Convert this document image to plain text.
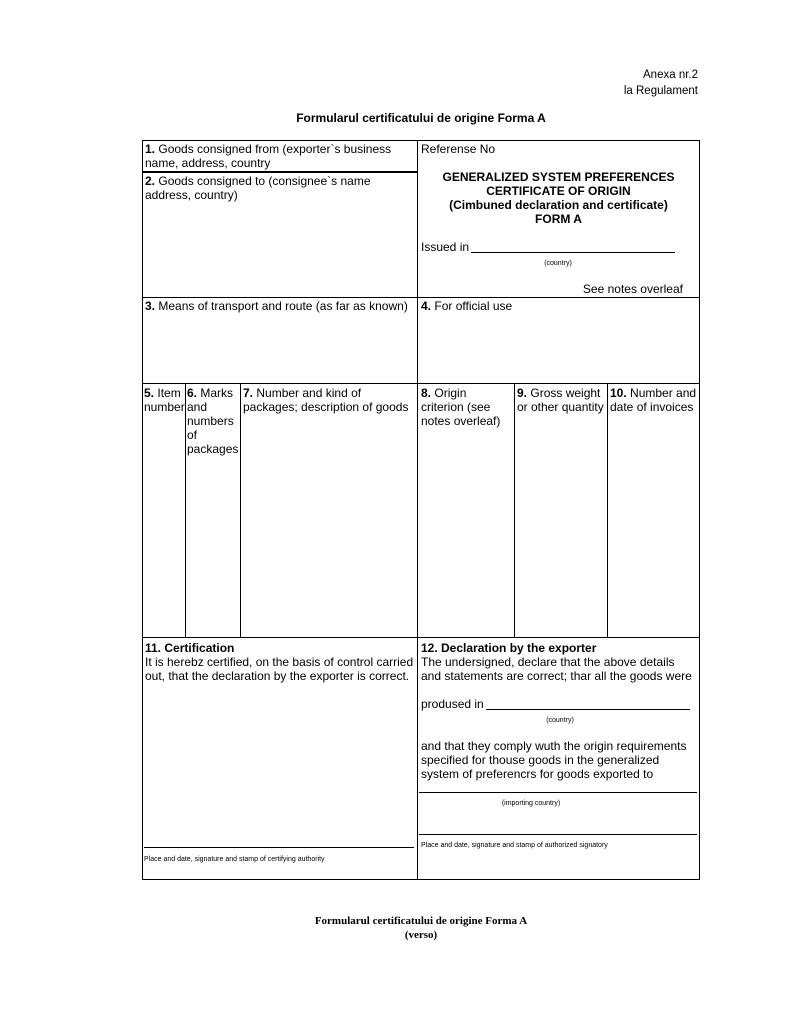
Anexa nr.2
la Regulament
Formularul certificatului de origine Forma A
1. Goods consigned from (exporter`s business name, address, country
2. Goods consigned to (consignee`s name address, country)
Referense No
GENERALIZED SYSTEM PREFERENCES
CERTIFICATE OF ORIGIN
(Cimbuned declaration and certificate)
FORM A
Issued in
(country)
See notes overleaf
3. Means of transport and route (as far as known)	4. For official use
5. Item number
6. Marks and numbers of packages
7. Number and kind of packages; description of goods
8. Origin criterion (see notes overleaf)
9. Gross weight or other quantity
10. Number and date of invoices
11. Certification
It is herebz certified, on the basis of control carried out, that the declaration by the exporter is correct.
Place and date, signature and stamp of certifying authority
12. Declaration by the exporter
The undersigned, declare that the above details and statements are correct; thar all the goods were
prodused in
(country)
and that they comply wuth the origin requirements specified for thouse goods in the generalized system of preferencrs for goods exported to
(importing country)
Place and date, signature and stamp of authorized signatory
Formularul certificatului de origine Forma A
(verso)
